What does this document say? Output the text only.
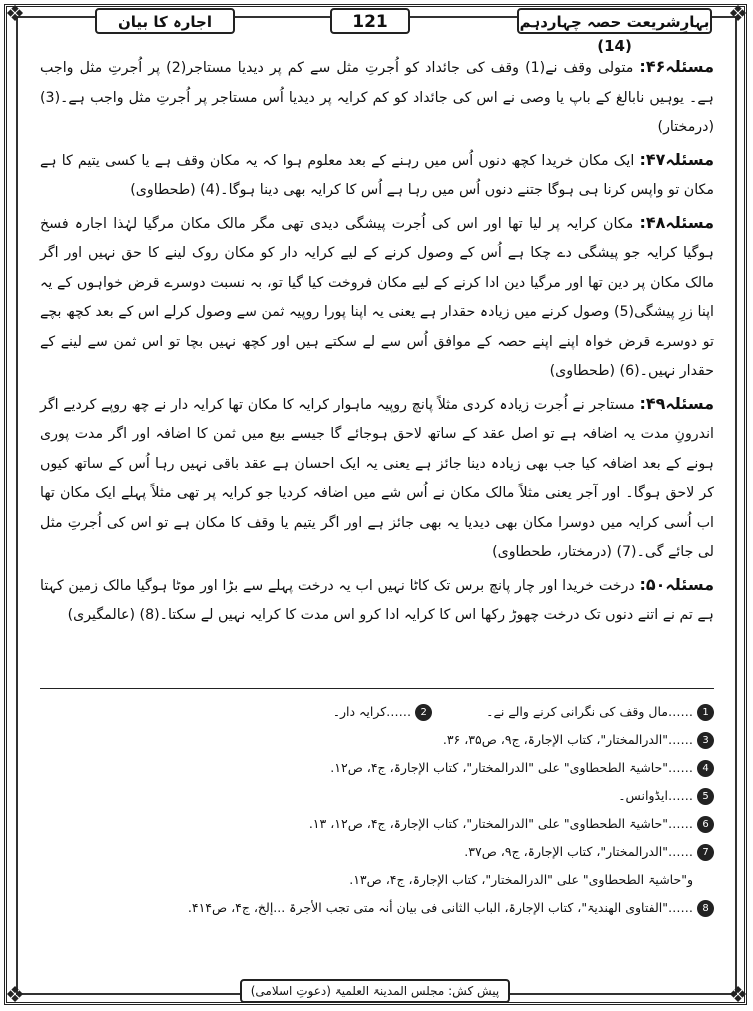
❖	❖
❖	❖
بہارِشریعت حصہ چہاردہم (14)
121
اجارہ کا بیان

مسئلہ۴۶: متولی وقف نے(1) وقف کی جائداد کو اُجرتِ مثل سے کم پر دیدیا مستاجر(2) پر اُجرتِ مثل واجب ہے۔ یوہیں نابالغ کے باپ یا وصی نے اس کی جائداد کو کم کرایہ پر دیدیا اُس مستاجر پر اُجرتِ مثل واجب ہے۔(3) (درمختار)

مسئلہ۴۷: ایک مکان خریدا کچھ دنوں اُس میں رہنے کے بعد معلوم ہوا کہ یہ مکان وقف ہے یا کسی یتیم کا ہے مکان تو واپس کرنا ہی ہوگا جتنے دنوں اُس میں رہا ہے اُس کا کرایہ بھی دینا ہوگا۔(4) (طحطاوی)

مسئلہ۴۸: مکان کرایہ پر لیا تھا اور اس کی اُجرت پیشگی دیدی تھی مگر مالک مکان مرگیا لہٰذا اجارہ فسخ ہوگیا کرایہ جو پیشگی دے چکا ہے اُس کے وصول کرنے کے لیے کرایہ دار کو مکان روک لینے کا حق نہیں اور اگر مالک مکان پر دین تھا اور مرگیا دین ادا کرنے کے لیے مکان فروخت کیا گیا تو، بہ نسبت دوسرے قرض خواہوں کے یہ اپنا زرِ پیشگی(5) وصول کرنے میں زیادہ حقدار ہے یعنی یہ اپنا پورا روپیہ ثمن سے وصول کرلے اس کے بعد کچھ بچے تو دوسرے قرض خواہ اپنے اپنے حصہ کے موافق اُس سے لے سکتے ہیں اور کچھ نہیں بچا تو اس ثمن سے لینے کے حقدار نہیں۔(6) (طحطاوی)

مسئلہ۴۹: مستاجر نے اُجرت زیادہ کردی مثلاً پانچ روپیہ ماہوار کرایہ کا مکان تھا کرایہ دار نے چھ روپے کردیے اگر اندرونِ مدت یہ اضافہ ہے تو اصل عقد کے ساتھ لاحق ہوجائے گا جیسے بیع میں ثمن کا اضافہ اور اگر مدت پوری ہونے کے بعد اضافہ کیا جب بھی زیادہ دینا جائز ہے یعنی یہ ایک احسان ہے عقد باقی نہیں رہا اُس کے ساتھ کیوں کر لاحق ہوگا۔ اور آجر یعنی مثلاً مالک مکان نے اُس شے میں اضافہ کردیا جو کرایہ پر تھی مثلاً پہلے ایک مکان تھا اب اُسی کرایہ میں دوسرا مکان بھی دیدیا یہ بھی جائز ہے اور اگر یتیم یا وقف کا مکان ہے تو اس کی اُجرتِ مثل لی جائے گی۔(7) (درمختار، طحطاوی)

مسئلہ۵۰: درخت خریدا اور چار پانچ برس تک کاٹا نہیں اب یہ درخت پہلے سے بڑا اور موٹا ہوگیا مالک زمین کہتا ہے تم نے اتنے دنوں تک درخت چھوڑ رکھا اس کا کرایہ ادا کرو اس مدت کا کرایہ نہیں لے سکتا۔(8) (عالمگیری)

1……مال وقف کی نگرانی کرنے والے نے۔ 2……کرایہ دار۔
3……"الدرالمختار"، کتاب الإجارۃ، ج۹، ص۳۵، ۳۶.
4……"حاشیۃ الطحطاوی" علی "الدرالمختار"، کتاب الإجارۃ، ج۴، ص۱۲.
5……ایڈوانس۔
6……"حاشیۃ الطحطاوی" علی "الدرالمختار"، کتاب الإجارۃ، ج۴، ص۱۲، ۱۳.
7……"الدرالمختار"، کتاب الإجارۃ، ج۹، ص۳۷.
و"حاشیۃ الطحطاوی" علی "الدرالمختار"، کتاب الإجارۃ، ج۴، ص۱۳.
8……"الفتاوی الھندیۃ"، کتاب الإجارۃ، الباب الثانی فی بیان أنہ متی تجب الأجرۃ ...إلخ، ج۴، ص۴۱۴.
پیش کش: مجلس المدینۃ العلمیۃ (دعوتِ اسلامی)
